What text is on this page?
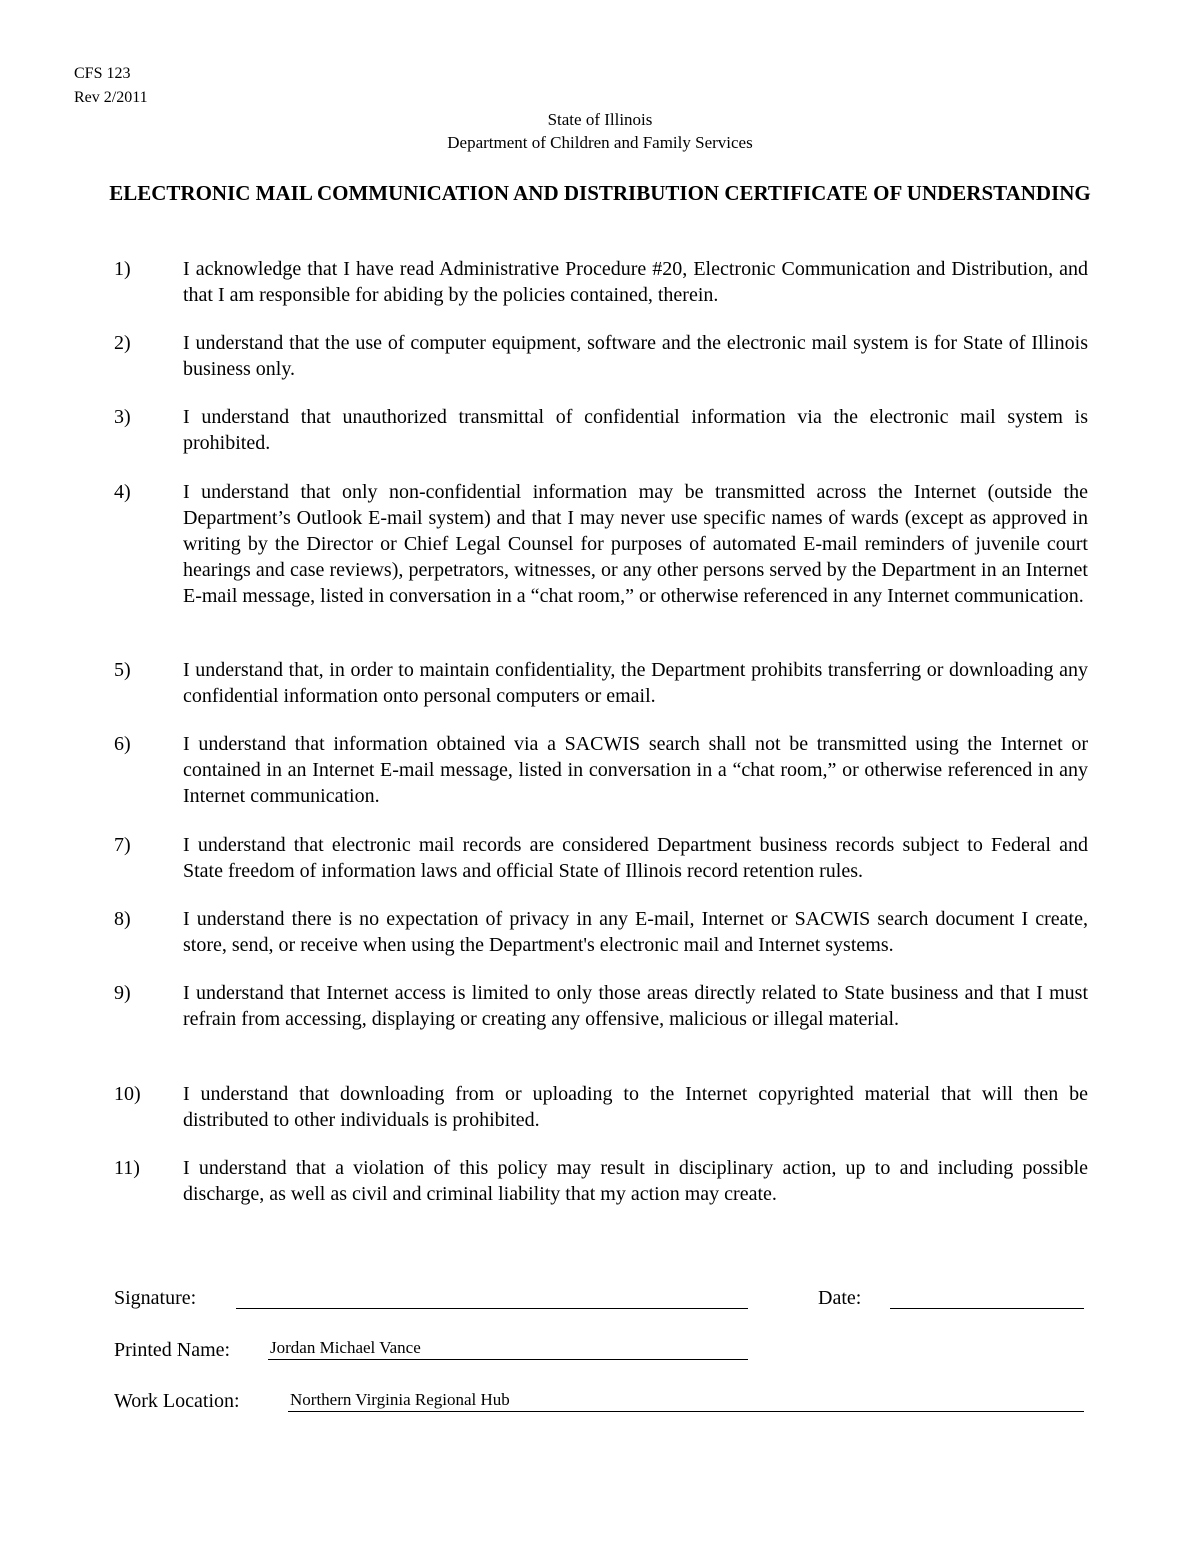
CFS 123
Rev 2/2011
State of Illinois
Department of Children and Family Services
ELECTRONIC MAIL COMMUNICATION AND DISTRIBUTION CERTIFICATE OF UNDERSTANDING
1)	I acknowledge that I have read Administrative Procedure #20, Electronic Communication and Distribution, and that I am responsible for abiding by the policies contained, therein.
2)	I understand that the use of computer equipment, software and the electronic mail system is for State of Illinois business only.
3)	I understand that unauthorized transmittal of confidential information via the electronic mail system is prohibited.
4)	I understand that only non-confidential information may be transmitted across the Internet (outside the Department’s Outlook E-mail system) and that I may never use specific names of wards (except as approved in writing by the Director or Chief Legal Counsel for purposes of automated E-mail reminders of juvenile court hearings and case reviews), perpetrators, witnesses, or any other persons served by the Department in an Internet E-mail message, listed in conversation in a “chat room,” or otherwise referenced in any Internet communication.
5)	I understand that, in order to maintain confidentiality, the Department prohibits transferring or downloading any confidential information onto personal computers or email.
6)	I understand that information obtained via a SACWIS search shall not be transmitted using the Internet or contained in an Internet E-mail message, listed in conversation in a “chat room,” or otherwise referenced in any Internet communication.
7)	I understand that electronic mail records are considered Department business records subject to Federal and State freedom of information laws and official State of Illinois record retention rules.
8)	I understand there is no expectation of privacy in any E-mail, Internet or SACWIS search document I create, store, send, or receive when using the Department's electronic mail and Internet systems.
9)	I understand that Internet access is limited to only those areas directly related to State business and that I must refrain from accessing, displaying or creating any offensive, malicious or illegal material.
10) I understand that downloading from or uploading to the Internet copyrighted material that will then be distributed to other individuals is prohibited.
11) I understand that a violation of this policy may result in disciplinary action, up to and including possible discharge, as well as civil and criminal liability that my action may create.
Signature:	Date:
Printed Name: Jordan Michael Vance
Work Location:	Northern Virginia Regional Hub
